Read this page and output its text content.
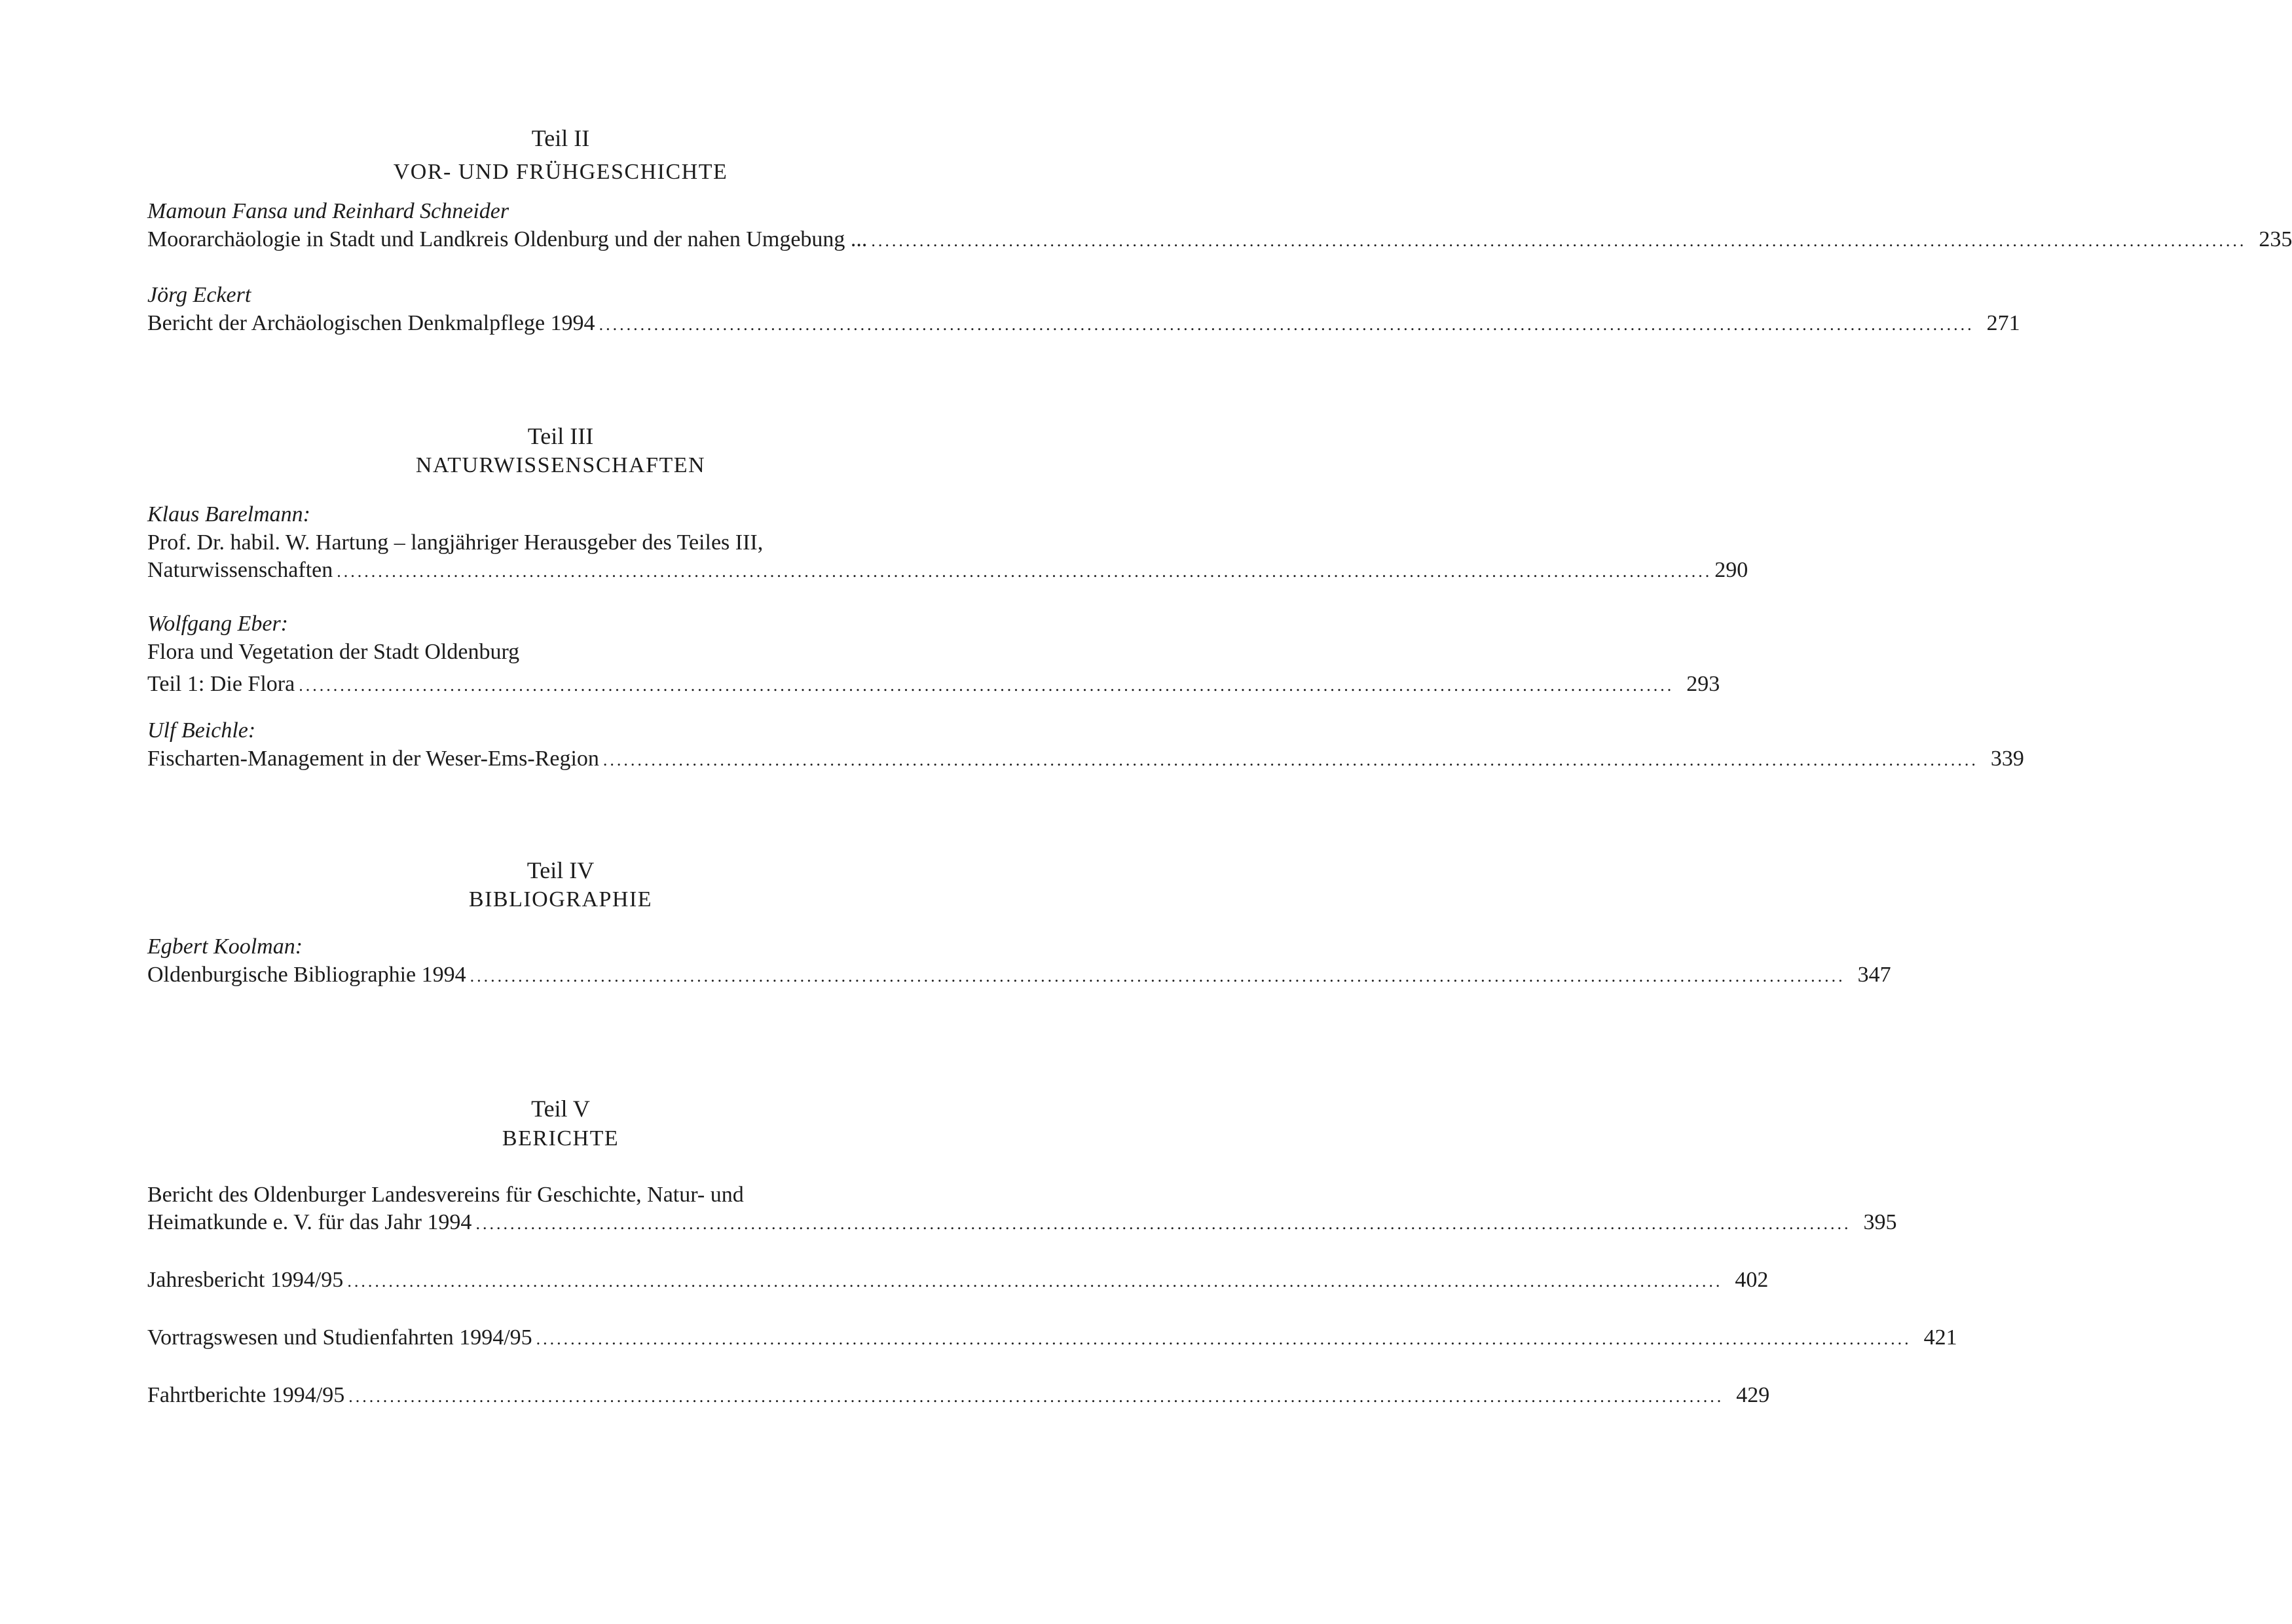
Teil II
VOR- UND FRÜHGESCHICHTE
Mamoun Fansa und Reinhard Schneider
Moorarchäologie in Stadt und Landkreis Oldenburg und der nahen Umgebung ... ........................................................................................................................................................................................................ 235
Jörg Eckert
Bericht der Archäologischen Denkmalpflege 1994 ........................................................................................................................................................................................................ 271
Teil III
NATURWISSENSCHAFTEN
Klaus Barelmann:
Prof. Dr. habil. W. Hartung – langjähriger Herausgeber des Teiles III,
Naturwissenschaften ........................................................................................................................................................................................................ 290
Wolfgang Eber:
Flora und Vegetation der Stadt Oldenburg
Teil 1: Die Flora ........................................................................................................................................................................................................ 293
Ulf Beichle:
Fischarten-Management in der Weser-Ems-Region ........................................................................................................................................................................................................ 339
Teil IV
BIBLIOGRAPHIE
Egbert Koolman:
Oldenburgische Bibliographie 1994 ........................................................................................................................................................................................................ 347
Teil V
BERICHTE
Bericht des Oldenburger Landesvereins für Geschichte, Natur- und
Heimatkunde e. V. für das Jahr 1994 ........................................................................................................................................................................................................ 395
Jahresbericht 1994/95 ........................................................................................................................................................................................................ 402
Vortragswesen und Studienfahrten 1994/95 ........................................................................................................................................................................................................ 421
Fahrtberichte 1994/95 ........................................................................................................................................................................................................ 429
